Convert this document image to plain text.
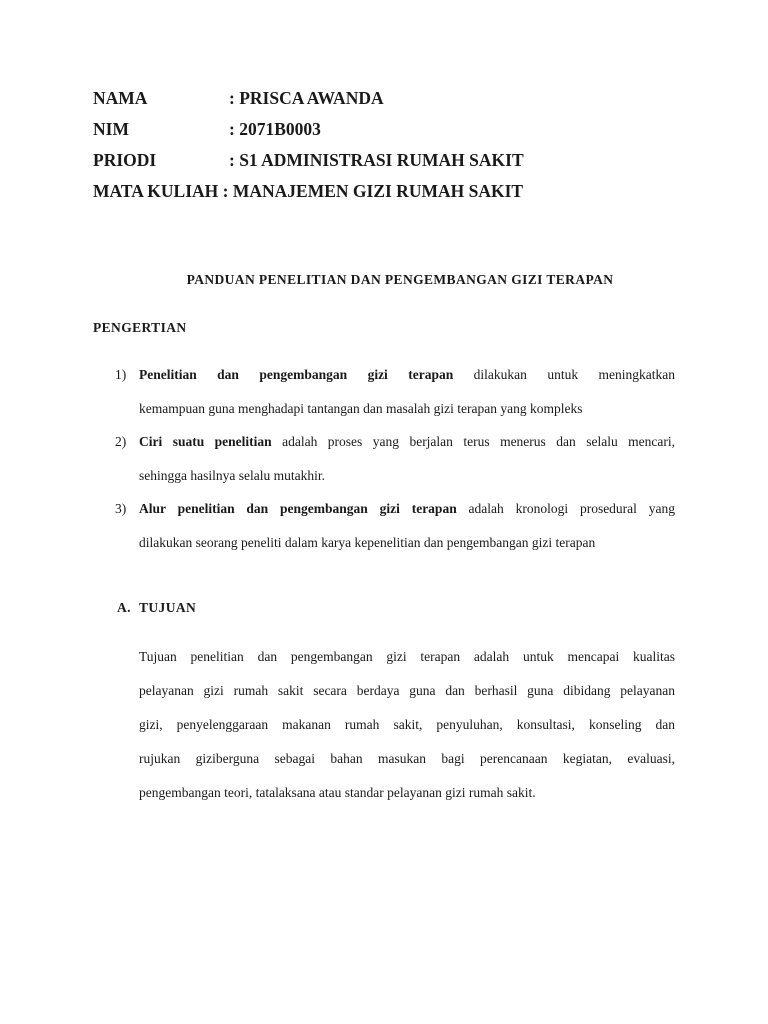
NAMA	: PRISCA AWANDA
NIM	: 2071B0003
PRIODI	: S1 ADMINISTRASI RUMAH SAKIT
MATA KULIAH : MANAJEMEN GIZI RUMAH SAKIT
PANDUAN PENELITIAN DAN PENGEMBANGAN GIZI TERAPAN
PENGERTIAN
1) Penelitian dan pengembangan gizi terapan dilakukan untuk meningkatkan
kemampuan guna menghadapi tantangan dan masalah gizi terapan yang kompleks
2) Ciri suatu penelitian adalah proses yang berjalan terus menerus dan selalu mencari,
sehingga hasilnya selalu mutakhir.
3) Alur penelitian dan pengembangan gizi terapan adalah kronologi prosedural yang
dilakukan seorang peneliti dalam karya kepenelitian dan pengembangan gizi terapan
A. TUJUAN
Tujuan penelitian dan pengembangan gizi terapan adalah untuk mencapai kualitas
pelayanan gizi rumah sakit secara berdaya guna dan berhasil guna dibidang pelayanan
gizi, penyelenggaraan makanan rumah sakit, penyuluhan, konsultasi, konseling dan
rujukan giziberguna sebagai bahan masukan bagi perencanaan kegiatan, evaluasi,
pengembangan teori, tatalaksana atau standar pelayanan gizi rumah sakit.
